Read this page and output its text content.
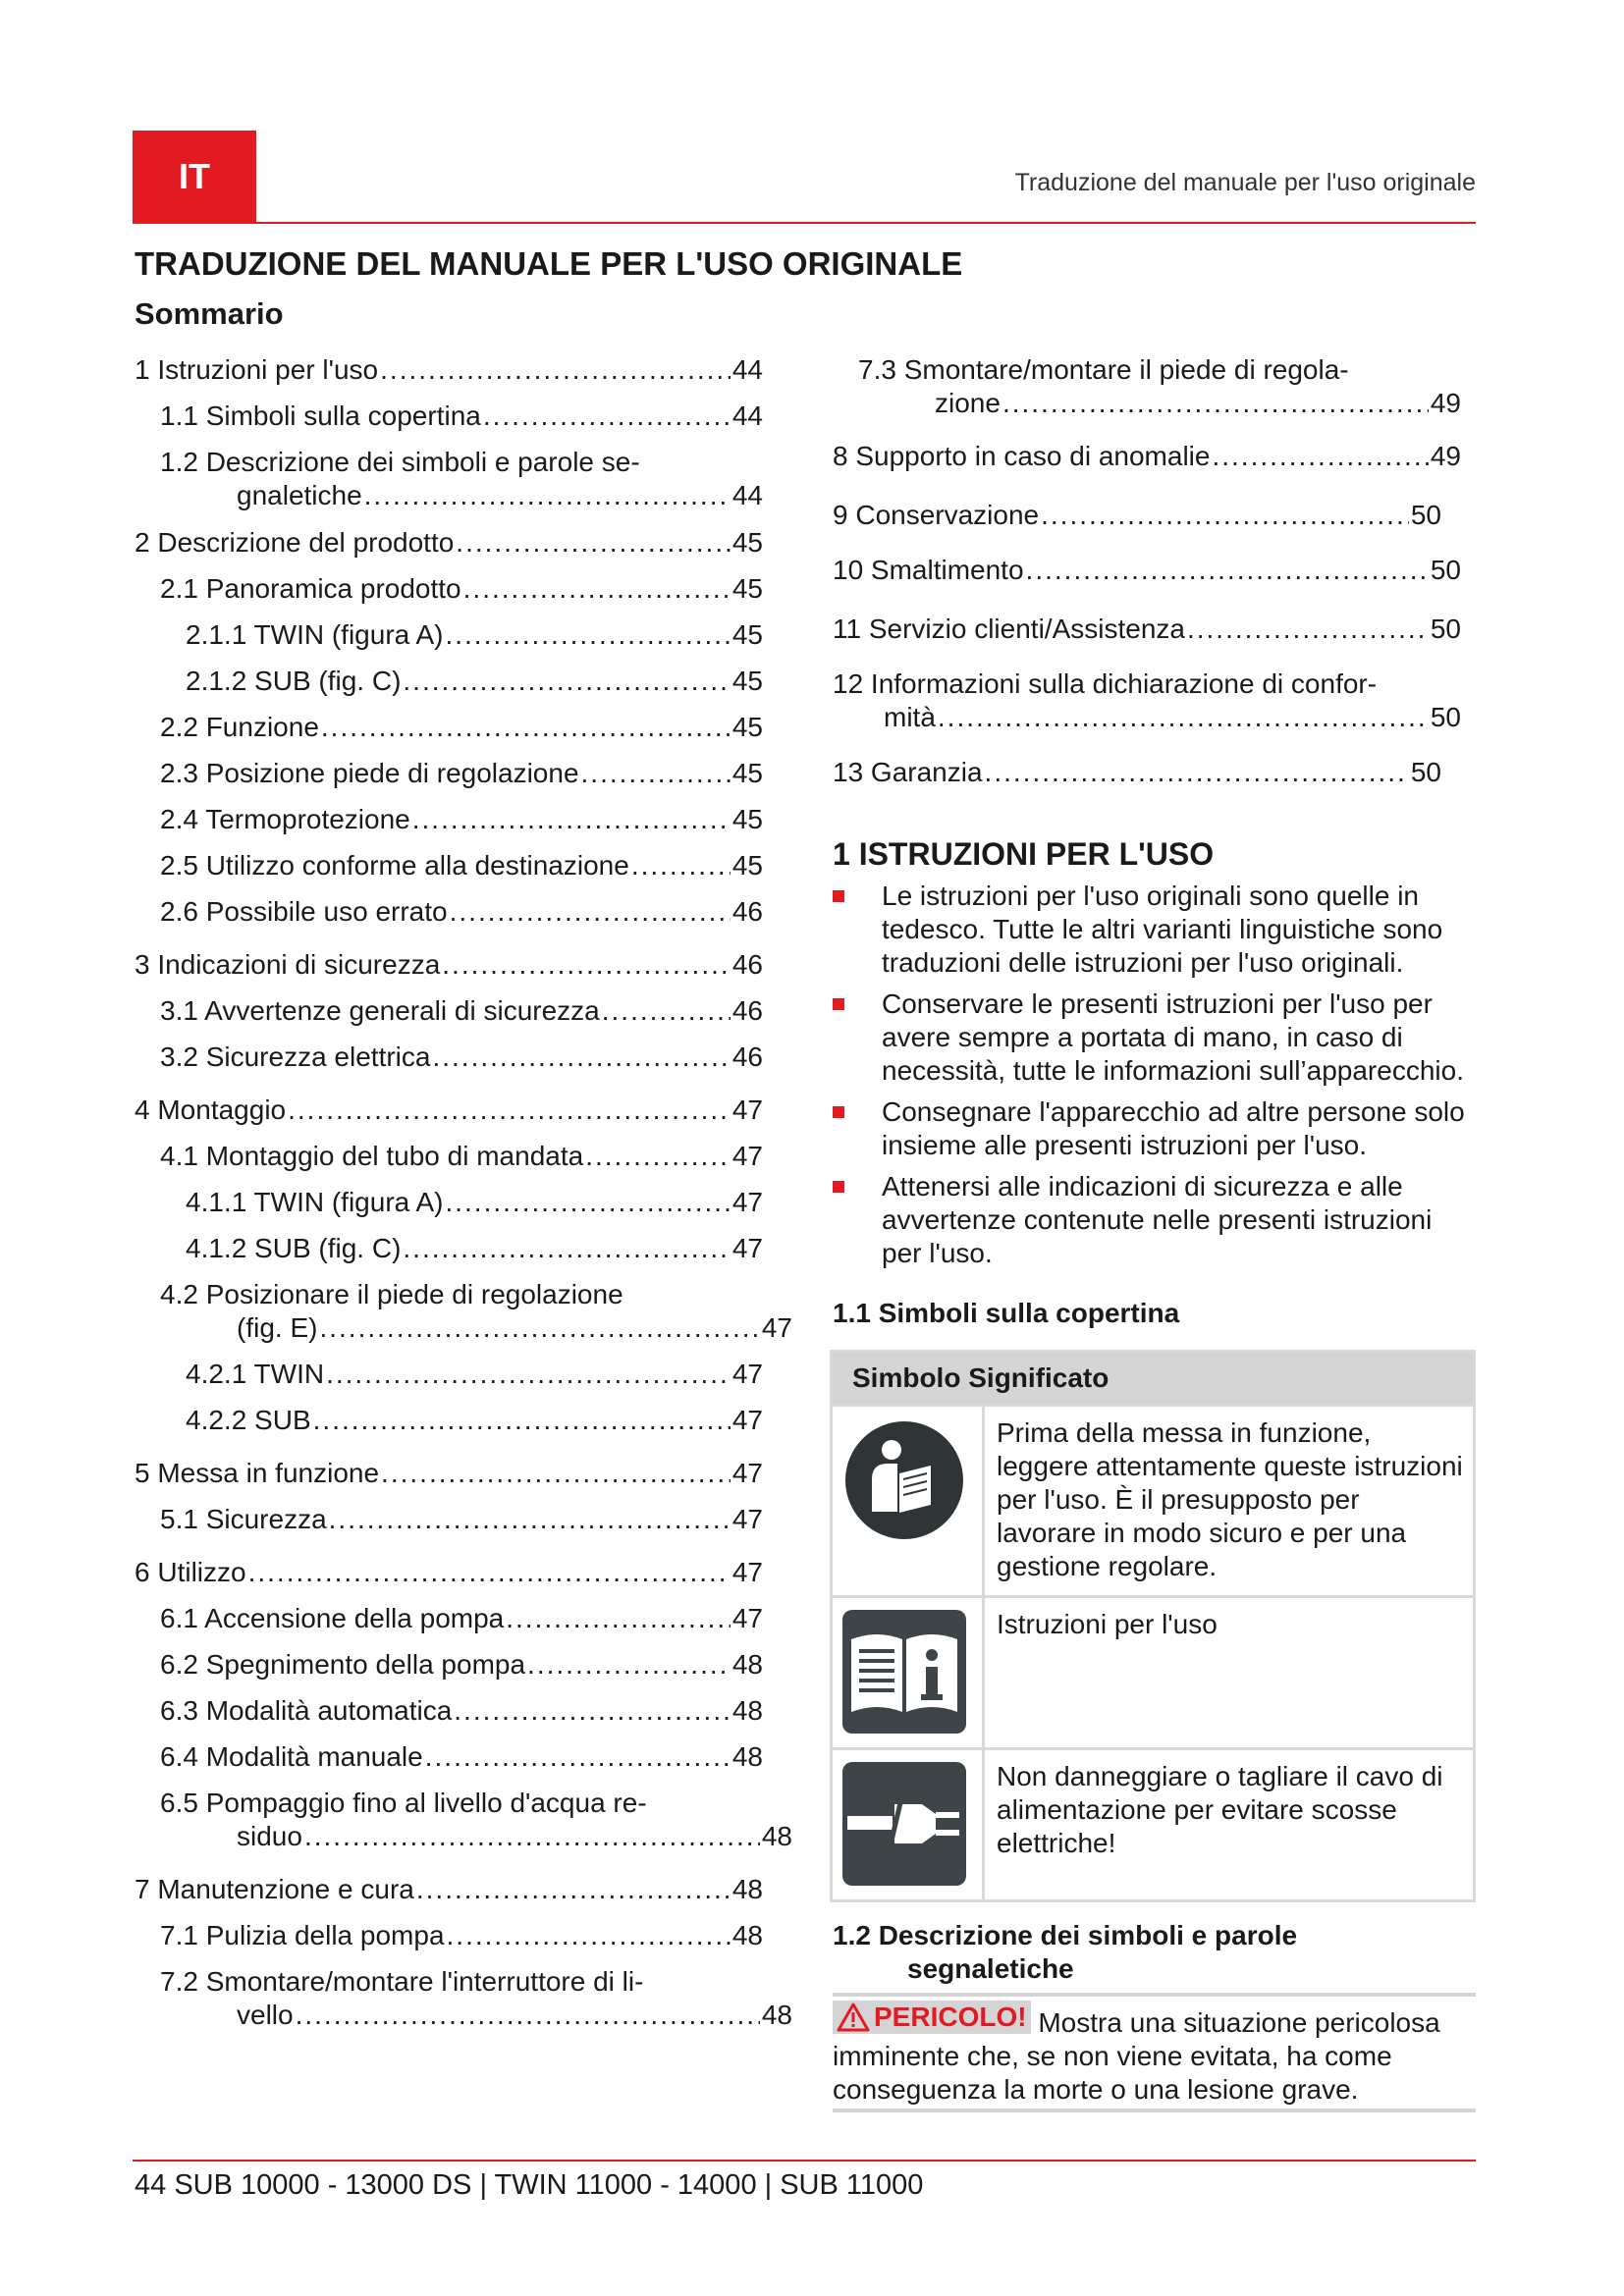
IT	Traduzione del manuale per l'uso originale
TRADUZIONE DEL MANUALE PER L'USO ORIGINALE
Sommario
1 Istruzioni per l'uso .....	44
1.1 Simboli sulla copertina .....	44
1.2 Descrizione dei simboli e parole se-
gnaletiche .....	44
2 Descrizione del prodotto .....	45
2.1 Panoramica prodotto .....	45
2.1.1 TWIN (figura A) .....	45
2.1.2 SUB (fig. C) .....	45
2.2 Funzione .....	45
2.3 Posizione piede di regolazione .....	45
2.4 Termoprotezione .....	45
2.5 Utilizzo conforme alla destinazione .....	45
2.6 Possibile uso errato .....	46
3 Indicazioni di sicurezza .....	46
3.1 Avvertenze generali di sicurezza .....	46
3.2 Sicurezza elettrica .....	46
4 Montaggio .....	47
4.1 Montaggio del tubo di mandata .....	47
4.1.1 TWIN (figura A) .....	47
4.1.2 SUB (fig. C) .....	47
4.2 Posizionare il piede di regolazione
(fig. E) .....	47
4.2.1 TWIN .....	47
4.2.2 SUB .....	47
5 Messa in funzione .....	47
5.1 Sicurezza .....	47
6 Utilizzo .....	47
6.1 Accensione della pompa .....	47
6.2 Spegnimento della pompa .....	48
6.3 Modalità automatica .....	48
6.4 Modalità manuale .....	48
6.5 Pompaggio fino al livello d'acqua re-
siduo .....	48
7 Manutenzione e cura .....	48
7.1 Pulizia della pompa .....	48
7.2 Smontare/montare l'interruttore di li-
vello .....	48
7.3 Smontare/montare il piede di regola-
zione .....	49
8 Supporto in caso di anomalie .....	49
9 Conservazione .....	50
10 Smaltimento .....	50
11 Servizio clienti/Assistenza .....	50
12 Informazioni sulla dichiarazione di confor-
mità .....	50
13 Garanzia .....	50
1 ISTRUZIONI PER L'USO
Le istruzioni per l'uso originali sono quelle in tedesco. Tutte le altri varianti linguistiche sono traduzioni delle istruzioni per l'uso originali.
Conservare le presenti istruzioni per l'uso per avere sempre a portata di mano, in caso di necessità, tutte le informazioni sull’apparecchio.
Consegnare l'apparecchio ad altre persone solo insieme alle presenti istruzioni per l'uso.
Attenersi alle indicazioni di sicurezza e alle avvertenze contenute nelle presenti istruzioni per l'uso.
1.1 Simboli sulla copertina
Simbolo Significato	

	Prima della messa in funzione, leggere attentamente queste istruzioni per l'uso. È il presupposto per lavorare in modo sicuro e per una gestione regolare.

	Istruzioni per l'uso

	Non danneggiare o tagliare il cavo di alimentazione per evitare scosse elettriche!
1.2 Descrizione dei simboli e parole
segnaletiche
PERICOLO! Mostra una situazione pericolosa imminente che, se non viene evitata, ha come conseguenza la morte o una lesione grave.
44 SUB 10000 - 13000 DS | TWIN 11000 - 14000 | SUB 11000
